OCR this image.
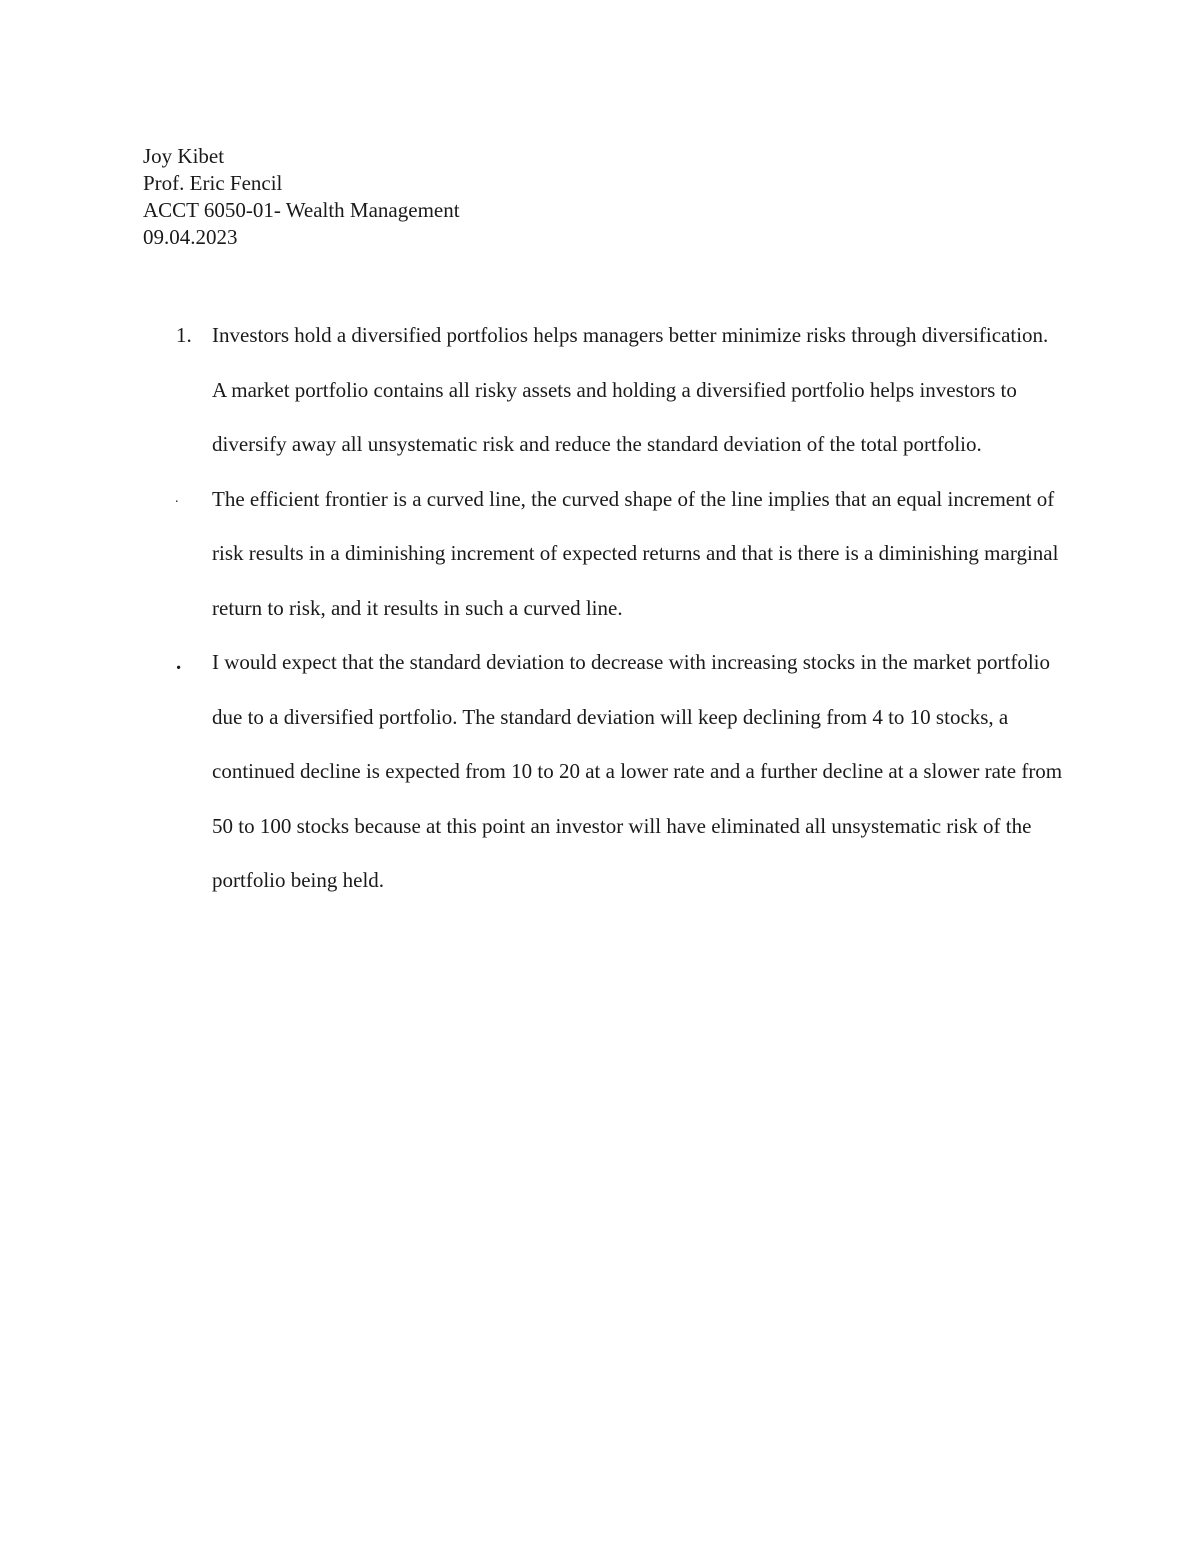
Joy Kibet
Prof. Eric Fencil
ACCT 6050-01- Wealth Management
09.04.2023
1. Investors hold a diversified portfolios helps managers better minimize risks through diversification. A market portfolio contains all risky assets and holding a diversified portfolio helps investors to diversify away all unsystematic risk and reduce the standard deviation of the total portfolio.
. The efficient frontier is a curved line, the curved shape of the line implies that an equal increment of risk results in a diminishing increment of expected returns and that is there is a diminishing marginal return to risk, and it results in such a curved line.
. I would expect that the standard deviation to decrease with increasing stocks in the market portfolio due to a diversified portfolio. The standard deviation will keep declining from 4 to 10 stocks, a continued decline is expected from 10 to 20 at a lower rate and a further decline at a slower rate from 50 to 100 stocks because at this point an investor will have eliminated all unsystematic risk of the portfolio being held.
